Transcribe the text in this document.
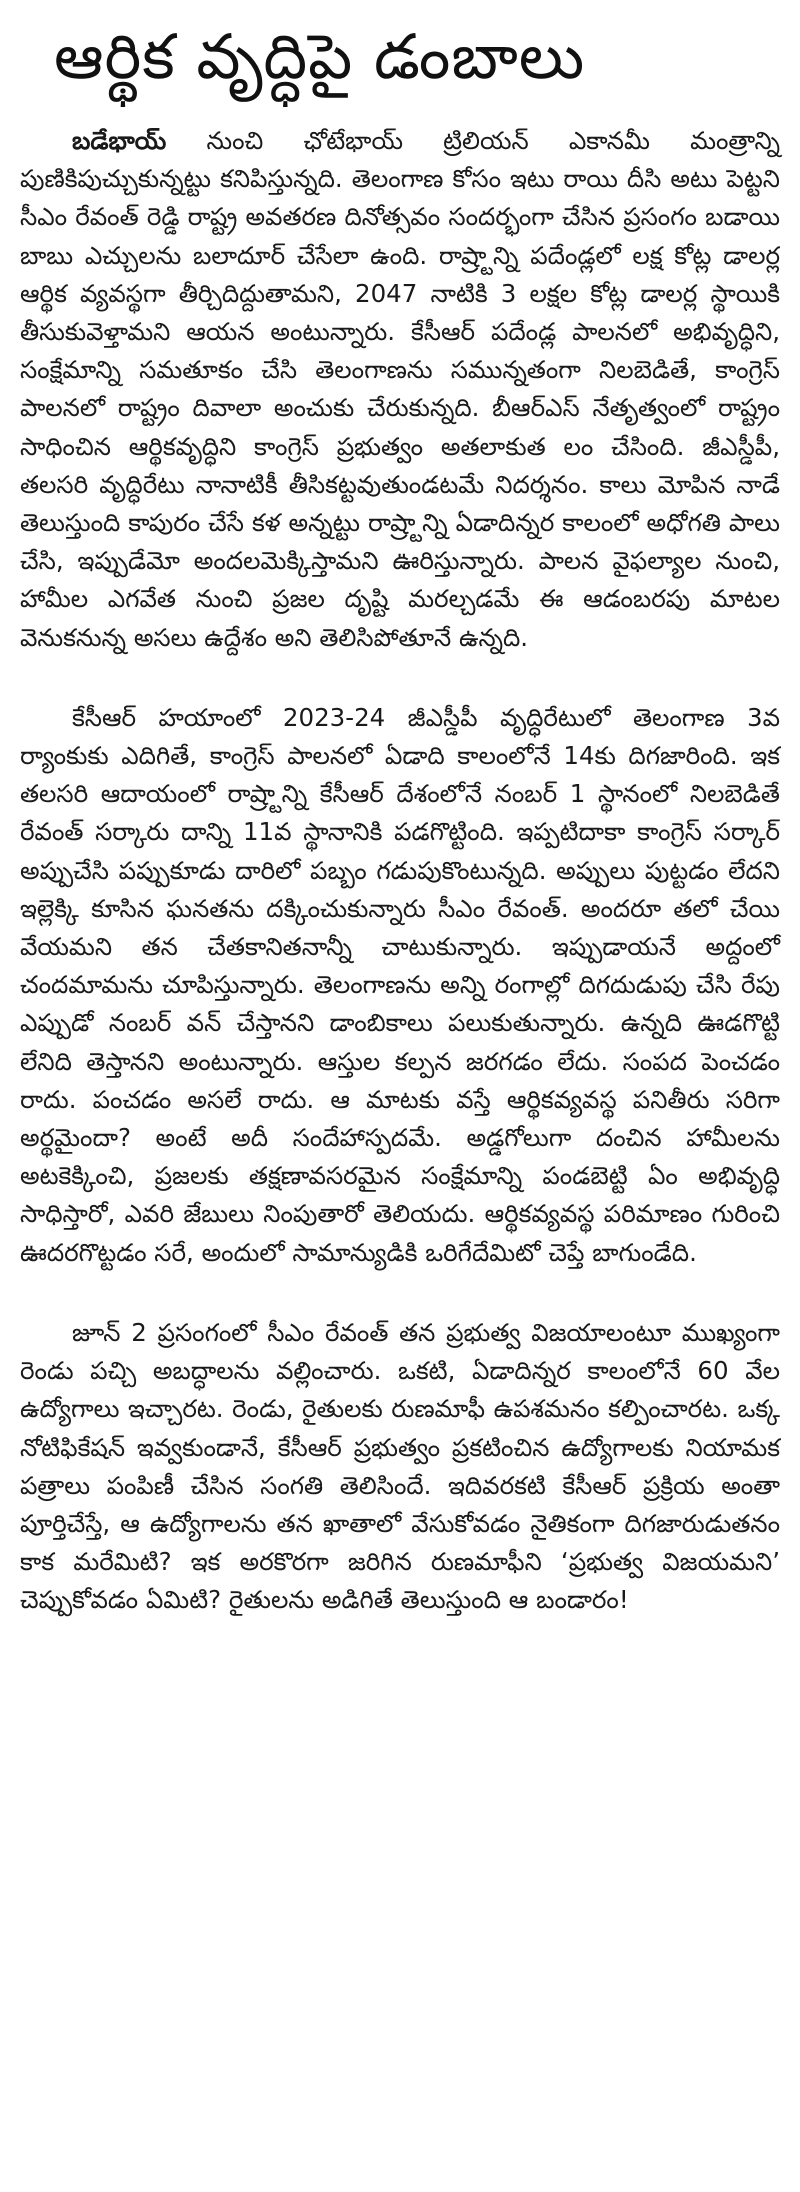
ఆర్థిక వృద్ధిపై డంబాలు

బడేభాయ్ నుంచి ఛోటేభాయ్ ట్రిలియన్ ఎకానమీ మంత్రాన్ని పుణికిపుచ్చుకున్నట్టు కనిపిస్తున్నది. తెలంగాణ కోసం ఇటు రాయి దీసి అటు పెట్టని సీఎం రేవంత్ రెడ్డి రాష్ట్ర అవతరణ దినోత్సవం సందర్భంగా చేసిన ప్రసంగం బడాయి బాబు ఎచ్చులను బలాదూర్ చేసేలా ఉంది. రాష్ర్టాన్ని పదేండ్లలో లక్ష కోట్ల డాలర్ల ఆర్థిక వ్యవస్థగా తీర్చిదిద్దుతామని, 2047 నాటికి 3 లక్షల కోట్ల డాలర్ల స్థాయికి తీసుకువెళ్తామని ఆయన అంటున్నారు. కేసీఆర్ పదేండ్ల పాలనలో అభివృద్ధిని, సంక్షేమాన్ని సమతూకం చేసి తెలంగాణను సమున్నతంగా నిలబెడితే, కాంగ్రెస్ పాలనలో రాష్ట్రం దివాలా అంచుకు చేరుకున్నది. బీఆర్‌ఎస్ నేతృత్వంలో రాష్ట్రం సాధించిన ఆర్థికవృద్ధిని కాంగ్రెస్ ప్రభుత్వం అతలాకుత లం చేసింది. జీఎస్డీపీ, తలసరి వృద్ధిరేటు నానాటికీ తీసికట్టవుతుండటమే నిదర్శనం. కాలు మోపిన నాడే తెలుస్తుంది కాపురం చేసే కళ అన్నట్టు రాష్ర్టాన్ని ఏడాదిన్నర కాలంలో అధోగతి పాలు చేసి, ఇప్పుడేమో అందలమెక్కిస్తామని ఊరిస్తున్నారు. పాలన వైఫల్యాల నుంచి, హామీల ఎగవేత నుంచి ప్రజల దృష్టి మరల్చడమే ఈ ఆడంబరపు మాటల వెనుకనున్న అసలు ఉద్దేశం అని తెలిసిపోతూనే ఉన్నది.

కేసీఆర్ హయాంలో 2023-24 జీఎస్డీపీ వృద్ధిరేటులో తెలంగాణ 3వ ర్యాంకుకు ఎదిగితే, కాంగ్రెస్ పాలనలో ఏడాది కాలంలోనే 14కు దిగజారింది. ఇక తలసరి ఆదాయంలో రాష్ర్టాన్ని కేసీఆర్ దేశంలోనే నంబర్ 1 స్థానంలో నిలబెడితే రేవంత్ సర్కారు దాన్ని 11వ స్థానానికి పడగొట్టింది. ఇప్పటిదాకా కాంగ్రెస్ సర్కార్ అప్పుచేసి పప్పుకూడు దారిలో పబ్బం గడుపుకొంటున్నది. అప్పులు పుట్టడం లేదని ఇల్లెక్కి కూసిన ఘనతను దక్కించుకున్నారు సీఎం రేవంత్. అందరూ తలో చేయి వేయమని తన చేతకానితనాన్నీ చాటుకున్నారు. ఇప్పుడాయనే అద్దంలో చందమామను చూపిస్తున్నారు. తెలంగాణను అన్ని రంగాల్లో దిగదుడుపు చేసి రేపు ఎప్పుడో నంబర్ వన్ చేస్తానని డాంబికాలు పలుకుతున్నారు. ఉన్నది ఊడగొట్టి లేనిది తెస్తానని అంటున్నారు. ఆస్తుల కల్పన జరగడం లేదు. సంపద పెంచడం రాదు. పంచడం అసలే రాదు. ఆ మాటకు వస్తే ఆర్థికవ్యవస్థ పనితీరు సరిగా అర్థమైందా? అంటే అదీ సందేహాస్పదమే. అడ్డగోలుగా దంచిన హామీలను అటకెక్కించి, ప్రజలకు తక్షణావసరమైన సంక్షేమాన్ని పండబెట్టి ఏం అభివృద్ధి సాధిస్తారో, ఎవరి జేబులు నింపుతారో తెలియదు. ఆర్థికవ్యవస్థ పరిమాణం గురించి ఊదరగొట్టడం సరే, అందులో సామాన్యుడికి ఒరిగేదేమిటో చెప్తే బాగుండేది.

జూన్ 2 ప్రసంగంలో సీఎం రేవంత్ తన ప్రభుత్వ విజయాలంటూ ముఖ్యంగా రెండు పచ్చి అబద్ధాలను వల్లించారు. ఒకటి, ఏడాదిన్నర కాలంలోనే 60 వేల ఉద్యోగాలు ఇచ్చారట. రెండు, రైతులకు రుణమాఫీ ఉపశమనం కల్పించారట. ఒక్క నోటిఫికేషన్ ఇవ్వకుండానే, కేసీఆర్ ప్రభుత్వం ప్రకటించిన ఉద్యోగాలకు నియామక పత్రాలు పంపిణీ చేసిన సంగతి తెలిసిందే. ఇదివరకటి కేసీఆర్ ప్రక్రియ అంతా పూర్తిచేస్తే, ఆ ఉద్యోగాలను తన ఖాతాలో వేసుకోవడం నైతికంగా దిగజారుడుతనం కాక మరేమిటి? ఇక అరకొరగా జరిగిన రుణమాఫీని ‘ప్రభుత్వ విజయమని’ చెప్పుకోవడం ఏమిటి? రైతులను అడిగితే తెలుస్తుంది ఆ బండారం!
